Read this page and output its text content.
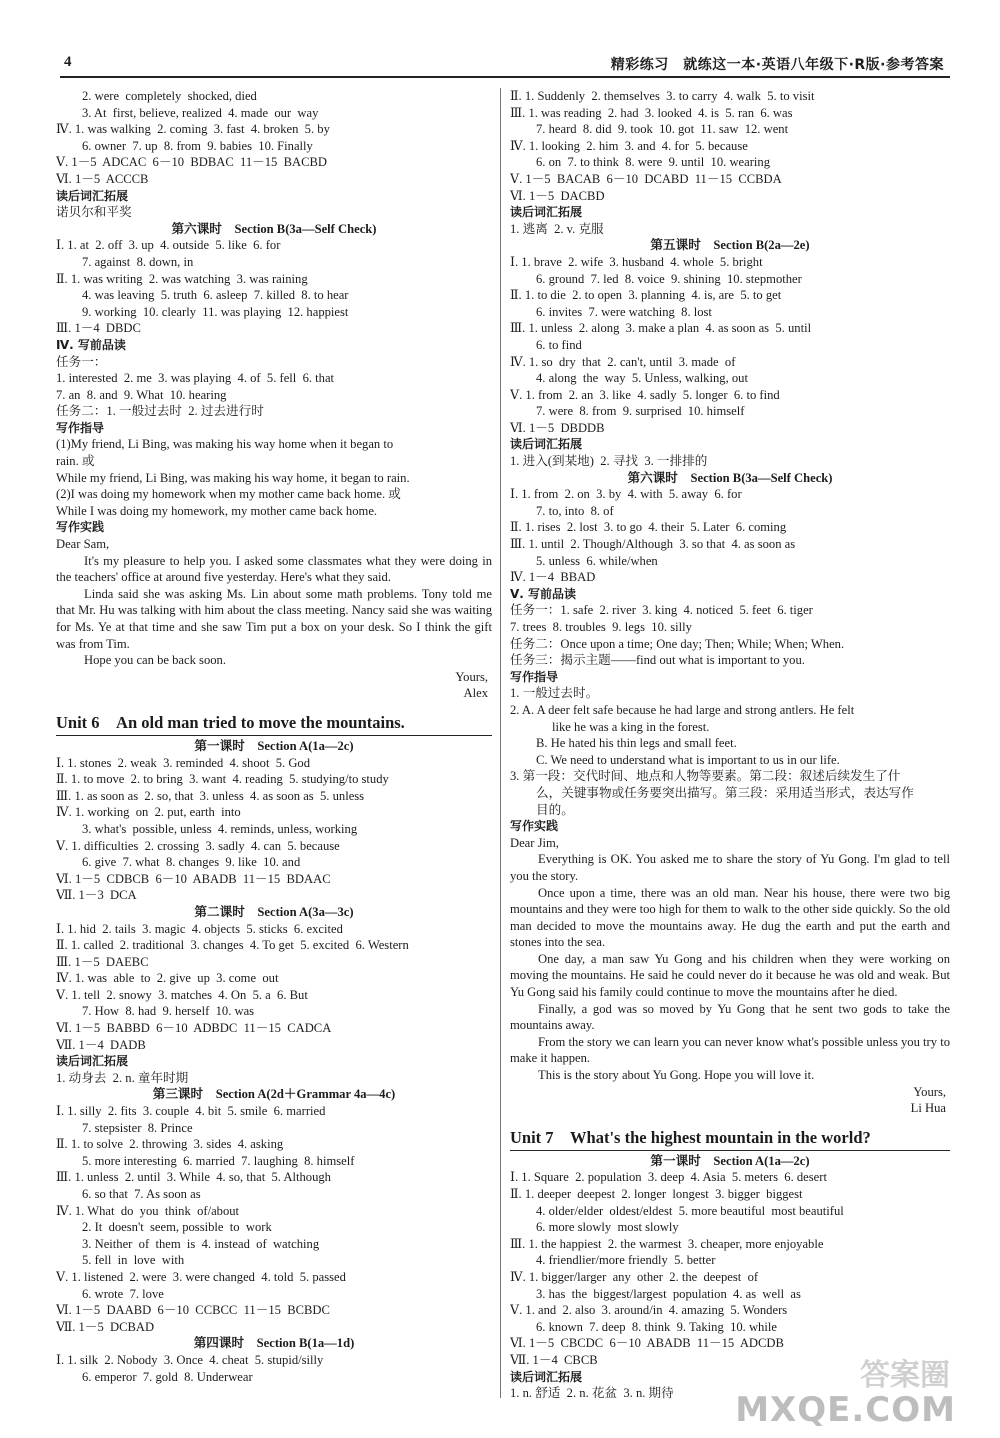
4	精彩练习　就练这一本·英语八年级下·R版·参考答案
2. were  completely  shocked, died
3. At  first, believe, realized  4. made  our  way
Ⅳ. 1. was walking  2. coming  3. fast  4. broken  5. by
6. owner  7. up  8. from  9. babies  10. Finally
Ⅴ. 1－5  ADCAC  6－10  BDBAC  11－15  BACBD
Ⅵ. 1－5  ACCCB
读后词汇拓展
诺贝尔和平奖
第六课时　Section B(3a—Self Check)
Ⅰ. 1. at  2. off  3. up  4. outside  5. like  6. for
7. against  8. down, in
Ⅱ. 1. was writing  2. was watching  3. was raining
4. was leaving  5. truth  6. asleep  7. killed  8. to hear
9. working  10. clearly  11. was playing  12. happiest
Ⅲ. 1－4  DBDC
Ⅳ. 写前品读
任务一：
1. interested  2. me  3. was playing  4. of  5. fell  6. that
7. an  8. and  9. What  10. hearing
任务二：1. 一般过去时  2. 过去进行时
写作指导
(1)My friend, Li Bing, was making his way home when it began to
rain. 或
While my friend, Li Bing, was making his way home, it began to rain.
(2)I was doing my homework when my mother came back home. 或
While I was doing my homework, my mother came back home.
写作实践
Dear Sam,
It's my pleasure to help you. I asked some classmates what they were doing in the teachers' office at around five yesterday. Here's what they said.
Linda said she was asking Ms. Lin about some math problems. Tony told me that Mr. Hu was talking with him about the class meeting. Nancy said she was waiting for Ms. Ye at that time and she saw Tim put a box on your desk. So I think the gift was from Tim.
Hope you can be back soon.
Yours,
Alex
Unit 6　An old man tried to move the mountains.
第一课时　Section A(1a—2c)
Ⅰ. 1. stones  2. weak  3. reminded  4. shoot  5. God
Ⅱ. 1. to move  2. to bring  3. want  4. reading  5. studying/to study
Ⅲ. 1. as soon as  2. so, that  3. unless  4. as soon as  5. unless
Ⅳ. 1. working  on  2. put, earth  into
3. what's  possible, unless  4. reminds, unless, working
Ⅴ. 1. difficulties  2. crossing  3. sadly  4. can  5. because
6. give  7. what  8. changes  9. like  10. and
Ⅵ. 1－5  CDBCB  6－10  ABADB  11－15  BDAAC
Ⅶ. 1－3  DCA
第二课时　Section A(3a—3c)
Ⅰ. 1. hid  2. tails  3. magic  4. objects  5. sticks  6. excited
Ⅱ. 1. called  2. traditional  3. changes  4. To get  5. excited  6. Western
Ⅲ. 1－5  DAEBC
Ⅳ. 1. was  able  to  2. give  up  3. come  out
Ⅴ. 1. tell  2. snowy  3. matches  4. On  5. a  6. But
7. How  8. had  9. herself  10. was
Ⅵ. 1－5  BABBD  6－10  ADBDC  11－15  CADCA
Ⅶ. 1－4  DADB
读后词汇拓展
1. 动身去  2. n. 童年时期
第三课时　Section A(2d＋Grammar 4a—4c)
Ⅰ. 1. silly  2. fits  3. couple  4. bit  5. smile  6. married
7. stepsister  8. Prince
Ⅱ. 1. to solve  2. throwing  3. sides  4. asking
5. more interesting  6. married  7. laughing  8. himself
Ⅲ. 1. unless  2. until  3. While  4. so, that  5. Although
6. so that  7. As soon as
Ⅳ. 1. What  do  you  think  of/about
2. It  doesn't  seem, possible  to  work
3. Neither  of  them  is  4. instead  of  watching
5. fell  in  love  with
Ⅴ. 1. listened  2. were  3. were changed  4. told  5. passed
6. wrote  7. love
Ⅵ. 1－5  DAABD  6－10  CCBCC  11－15  BCBDC
Ⅶ. 1－5  DCBAD
第四课时　Section B(1a—1d)
Ⅰ. 1. silk  2. Nobody  3. Once  4. cheat  5. stupid/silly
6. emperor  7. gold  8. Underwear
Ⅱ. 1. Suddenly  2. themselves  3. to carry  4. walk  5. to visit
Ⅲ. 1. was reading  2. had  3. looked  4. is  5. ran  6. was
7. heard  8. did  9. took  10. got  11. saw  12. went
Ⅳ. 1. looking  2. him  3. and  4. for  5. because
6. on  7. to think  8. were  9. until  10. wearing
Ⅴ. 1－5  BACAB  6－10  DCABD  11－15  CCBDA
Ⅵ. 1－5  DACBD
读后词汇拓展
1. 逃离  2. v. 克服
第五课时　Section B(2a—2e)
Ⅰ. 1. brave  2. wife  3. husband  4. whole  5. bright
6. ground  7. led  8. voice  9. shining  10. stepmother
Ⅱ. 1. to die  2. to open  3. planning  4. is, are  5. to get
6. invites  7. were watching  8. lost
Ⅲ. 1. unless  2. along  3. make a plan  4. as soon as  5. until
6. to find
Ⅳ. 1. so  dry  that  2. can't, until  3. made  of
4. along  the  way  5. Unless, walking, out
Ⅴ. 1. from  2. an  3. like  4. sadly  5. longer  6. to find
7. were  8. from  9. surprised  10. himself
Ⅵ. 1－5  DBDDB
读后词汇拓展
1. 进入(到某地)  2. 寻找  3. 一排排的
第六课时　Section B(3a—Self Check)
Ⅰ. 1. from  2. on  3. by  4. with  5. away  6. for
7. to, into  8. of
Ⅱ. 1. rises  2. lost  3. to go  4. their  5. Later  6. coming
Ⅲ. 1. until  2. Though/Although  3. so that  4. as soon as
5. unless  6. while/when
Ⅳ. 1－4  BBAD
Ⅴ. 写前品读
任务一：1. safe  2. river  3. king  4. noticed  5. feet  6. tiger
7. trees  8. troubles  9. legs  10. silly
任务二：Once upon a time; One day; Then; While; When; When.
任务三：揭示主题——find out what is important to you.
写作指导
1. 一般过去时。
2. A. A deer felt safe because he had large and strong antlers. He felt
like he was a king in the forest.
B. He hated his thin legs and small feet.
C. We need to understand what is important to us in our life.
3. 第一段：交代时间、地点和人物等要素。第二段：叙述后续发生了什
么，关键事物或任务要突出描写。第三段：采用适当形式，表达写作
目的。
写作实践
Dear Jim,
Everything is OK. You asked me to share the story of Yu Gong. I'm glad to tell you the story.
Once upon a time, there was an old man. Near his house, there were two big mountains and they were too high for them to walk to the other side quickly. So the old man decided to move the mountains away. He dug the earth and put the earth and stones into the sea.
One day, a man saw Yu Gong and his children when they were working on moving the mountains. He said he could never do it because he was old and weak. But Yu Gong said his family could continue to move the mountains after he died.
Finally, a god was so moved by Yu Gong that he sent two gods to take the mountains away.
From the story we can learn you can never know what's possible unless you try to make it happen.
This is the story about Yu Gong. Hope you will love it.
Yours,
Li Hua
Unit 7　What's the highest mountain in the world?
第一课时　Section A(1a—2c)
Ⅰ. 1. Square  2. population  3. deep  4. Asia  5. meters  6. desert
Ⅱ. 1. deeper  deepest  2. longer  longest  3. bigger  biggest
4. older/elder  oldest/eldest  5. more beautiful  most beautiful
6. more slowly  most slowly
Ⅲ. 1. the happiest  2. the warmest  3. cheaper, more enjoyable
4. friendlier/more friendly  5. better
Ⅳ. 1. bigger/larger  any  other  2. the  deepest  of
3. has  the  biggest/largest  population  4. as  well  as
Ⅴ. 1. and  2. also  3. around/in  4. amazing  5. Wonders
6. known  7. deep  8. think  9. Taking  10. while
Ⅵ. 1－5  CBCDC  6－10  ABADB  11－15  ADCDB
Ⅶ. 1－4  CBCB
读后词汇拓展
1. n. 舒适  2. n. 花盆  3. n. 期待
答案圈
MXQE.COM
